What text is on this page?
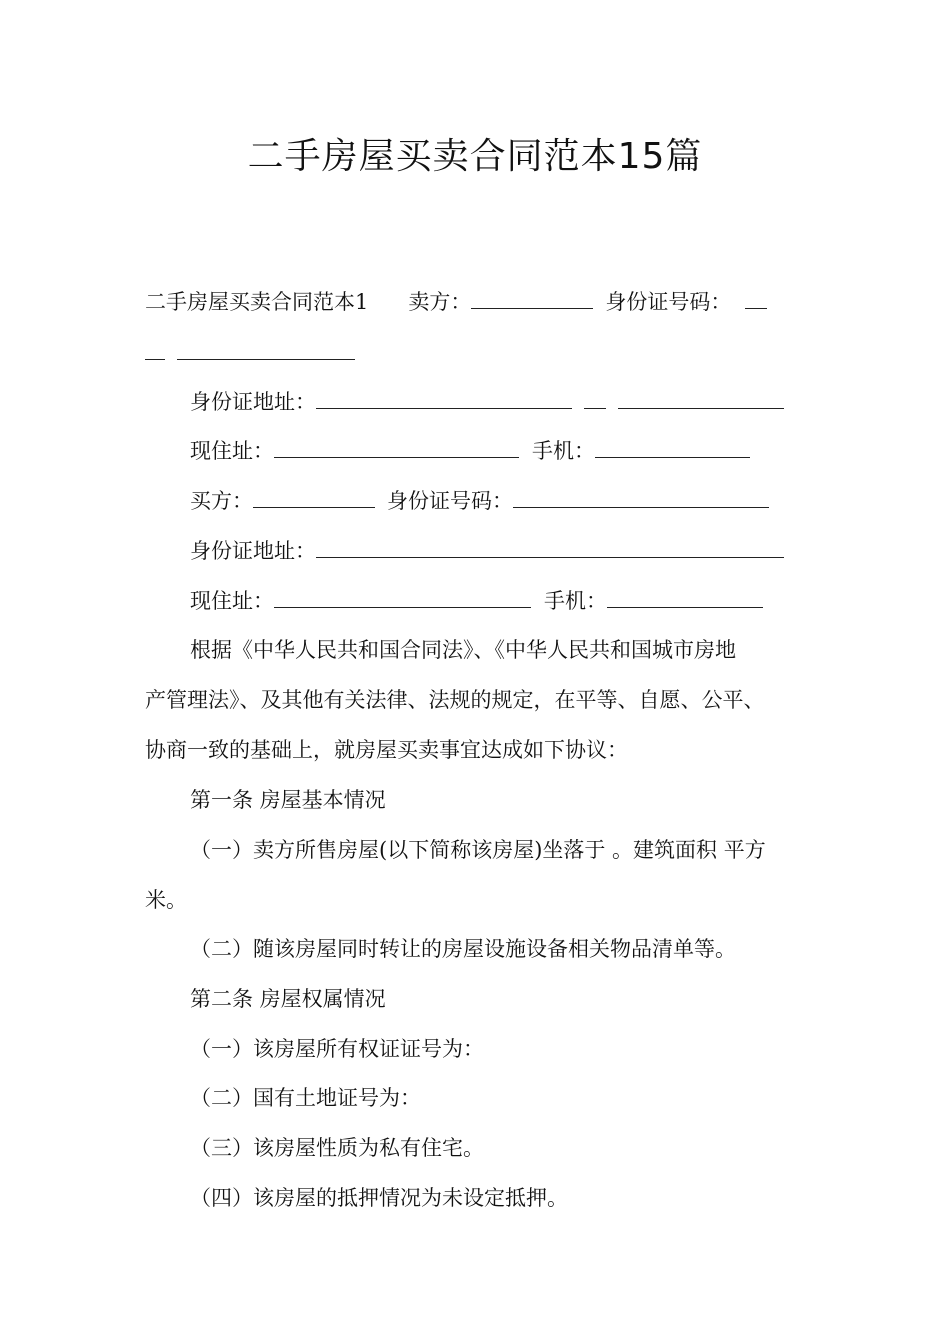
二手房屋买卖合同范本15篇
二手房屋买卖合同范本1 卖方：	身份证号码：
身份证地址：
现住址：	手机：
买方：	身份证号码：
身份证地址：
现住址：	手机：
根据《中华人民共和国合同法》、《中华人民共和国城市房地
产管理法》、及其他有关法律、法规的规定，在平等、自愿、公平、
协商一致的基础上，就房屋买卖事宜达成如下协议：
第一条 房屋基本情况
（一）卖方所售房屋(以下简称该房屋)坐落于 。建筑面积 平方
米。
（二）随该房屋同时转让的房屋设施设备相关物品清单等。
第二条 房屋权属情况
（一）该房屋所有权证证号为：
（二）国有土地证号为：
（三）该房屋性质为私有住宅。
（四）该房屋的抵押情况为未设定抵押。
